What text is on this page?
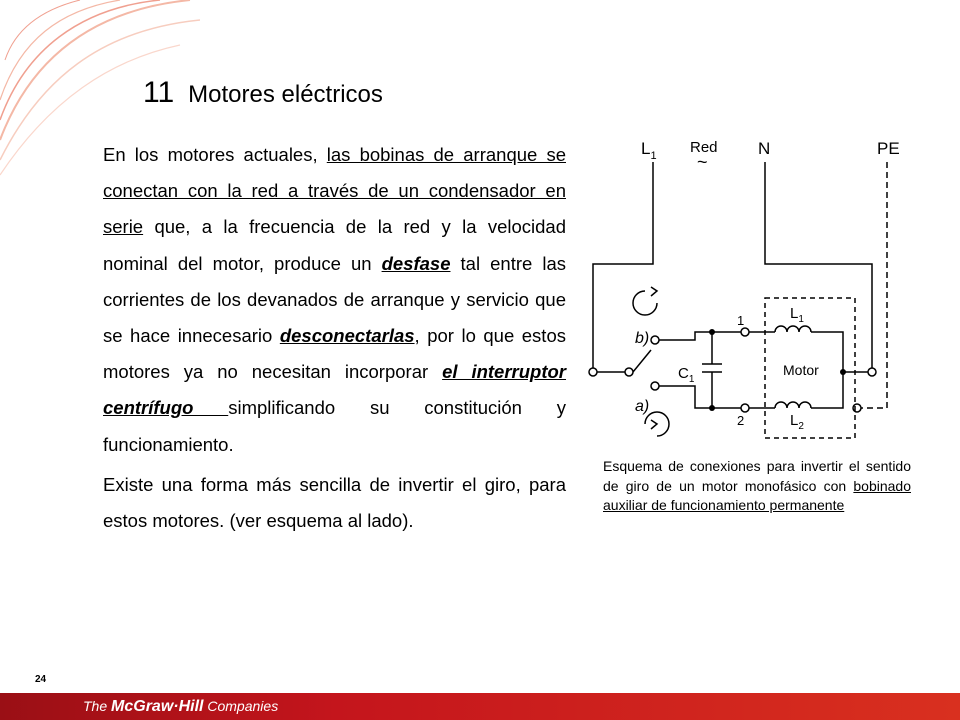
11 Motores eléctricos

En los motores actuales, las bobinas de arranque se conectan con la red a través de un condensador en serie que, a la frecuencia de la red y la velocidad nominal del motor, produce un desfase tal entre las corrientes de los devanados de arranque y servicio que se hace innecesario desconectarlas, por lo que estos motores ya no necesitan incorporar el interruptor centrífugo simplificando su constitución y funcionamiento.

Existe una forma más sencilla de invertir el giro, para estos motores. (ver esquema al lado).

$L_1$ Red
~
N	PE
b)
a)
$C_1$
$L_1$
$L_2$
Motor
1
2
Esquema de conexiones para invertir el sentido de giro de un motor monofásico con bobinado auxiliar de funcionamiento permanente
24
The McGraw·Hill Companies
